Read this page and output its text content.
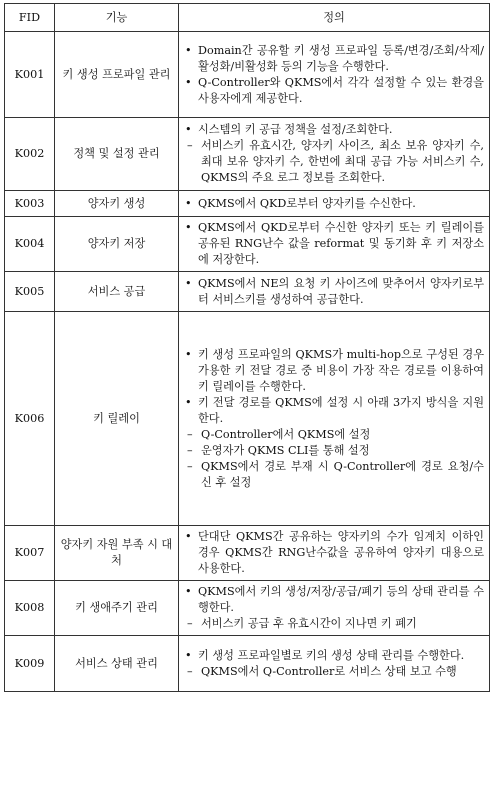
FID	기능	정의
K001	키 생성 프로파일 관리	• Domain간 공유할 키 생성 프로파일 등록/변경/조회/삭제/활성화/비활성화 등의 기능을 수행한다.
• Q-Controller와 QKMS에서 각각 설정할 수 있는 환경을 사용자에게 제공한다.

K002	정책 및 설정 관리	• 시스템의 키 공급 정책을 설정/조회한다.
– 서비스키 유효시간, 양자키 사이즈, 최소 보유 양자키 수, 최대 보유 양자키 수, 한번에 최대 공급 가능 서비스키 수, QKMS의 주요 로그 정보를 조회한다.

K003	양자키 생성	• QKMS에서 QKD로부터 양자키를 수신한다.

K004	양자키 저장	• QKMS에서 QKD로부터 수신한 양자키 또는 키 릴레이를 공유된 RNG난수 값을 reformat 및 동기화 후 키 저장소에 저장한다.

K005	서비스 공급	• QKMS에서 NE의 요청 키 사이즈에 맞추어서 양자키로부터 서비스키를 생성하여 공급한다.

K006	키 릴레이	• 키 생성 프로파일의 QKMS가 multi-hop으로 구성된 경우 가용한 키 전달 경로 중 비용이 가장 작은 경로를 이용하여 키 릴레이를 수행한다.
• 키 전달 경로를 QKMS에 설정 시 아래 3가지 방식을 지원한다.
– Q-Controller에서 QKMS에 설정
– 운영자가 QKMS CLI를 통해 설정
– QKMS에서 경로 부재 시 Q-Controller에 경로 요청/수신 후 설정

K007	양자키 자원 부족 시 대처	• 단대단 QKMS간 공유하는 양자키의 수가 임계치 이하인 경우 QKMS간 RNG난수값을 공유하여 양자키 대용으로 사용한다.

K008	키 생애주기 관리	• QKMS에서 키의 생성/저장/공급/폐기 등의 상태 관리를 수행한다.
– 서비스키 공급 후 유효시간이 지나면 키 폐기

K009	서비스 상태 관리	• 키 생성 프로파일별로 키의 생성 상태 관리를 수행한다.
– QKMS에서 Q-Controller로 서비스 상태 보고 수행
